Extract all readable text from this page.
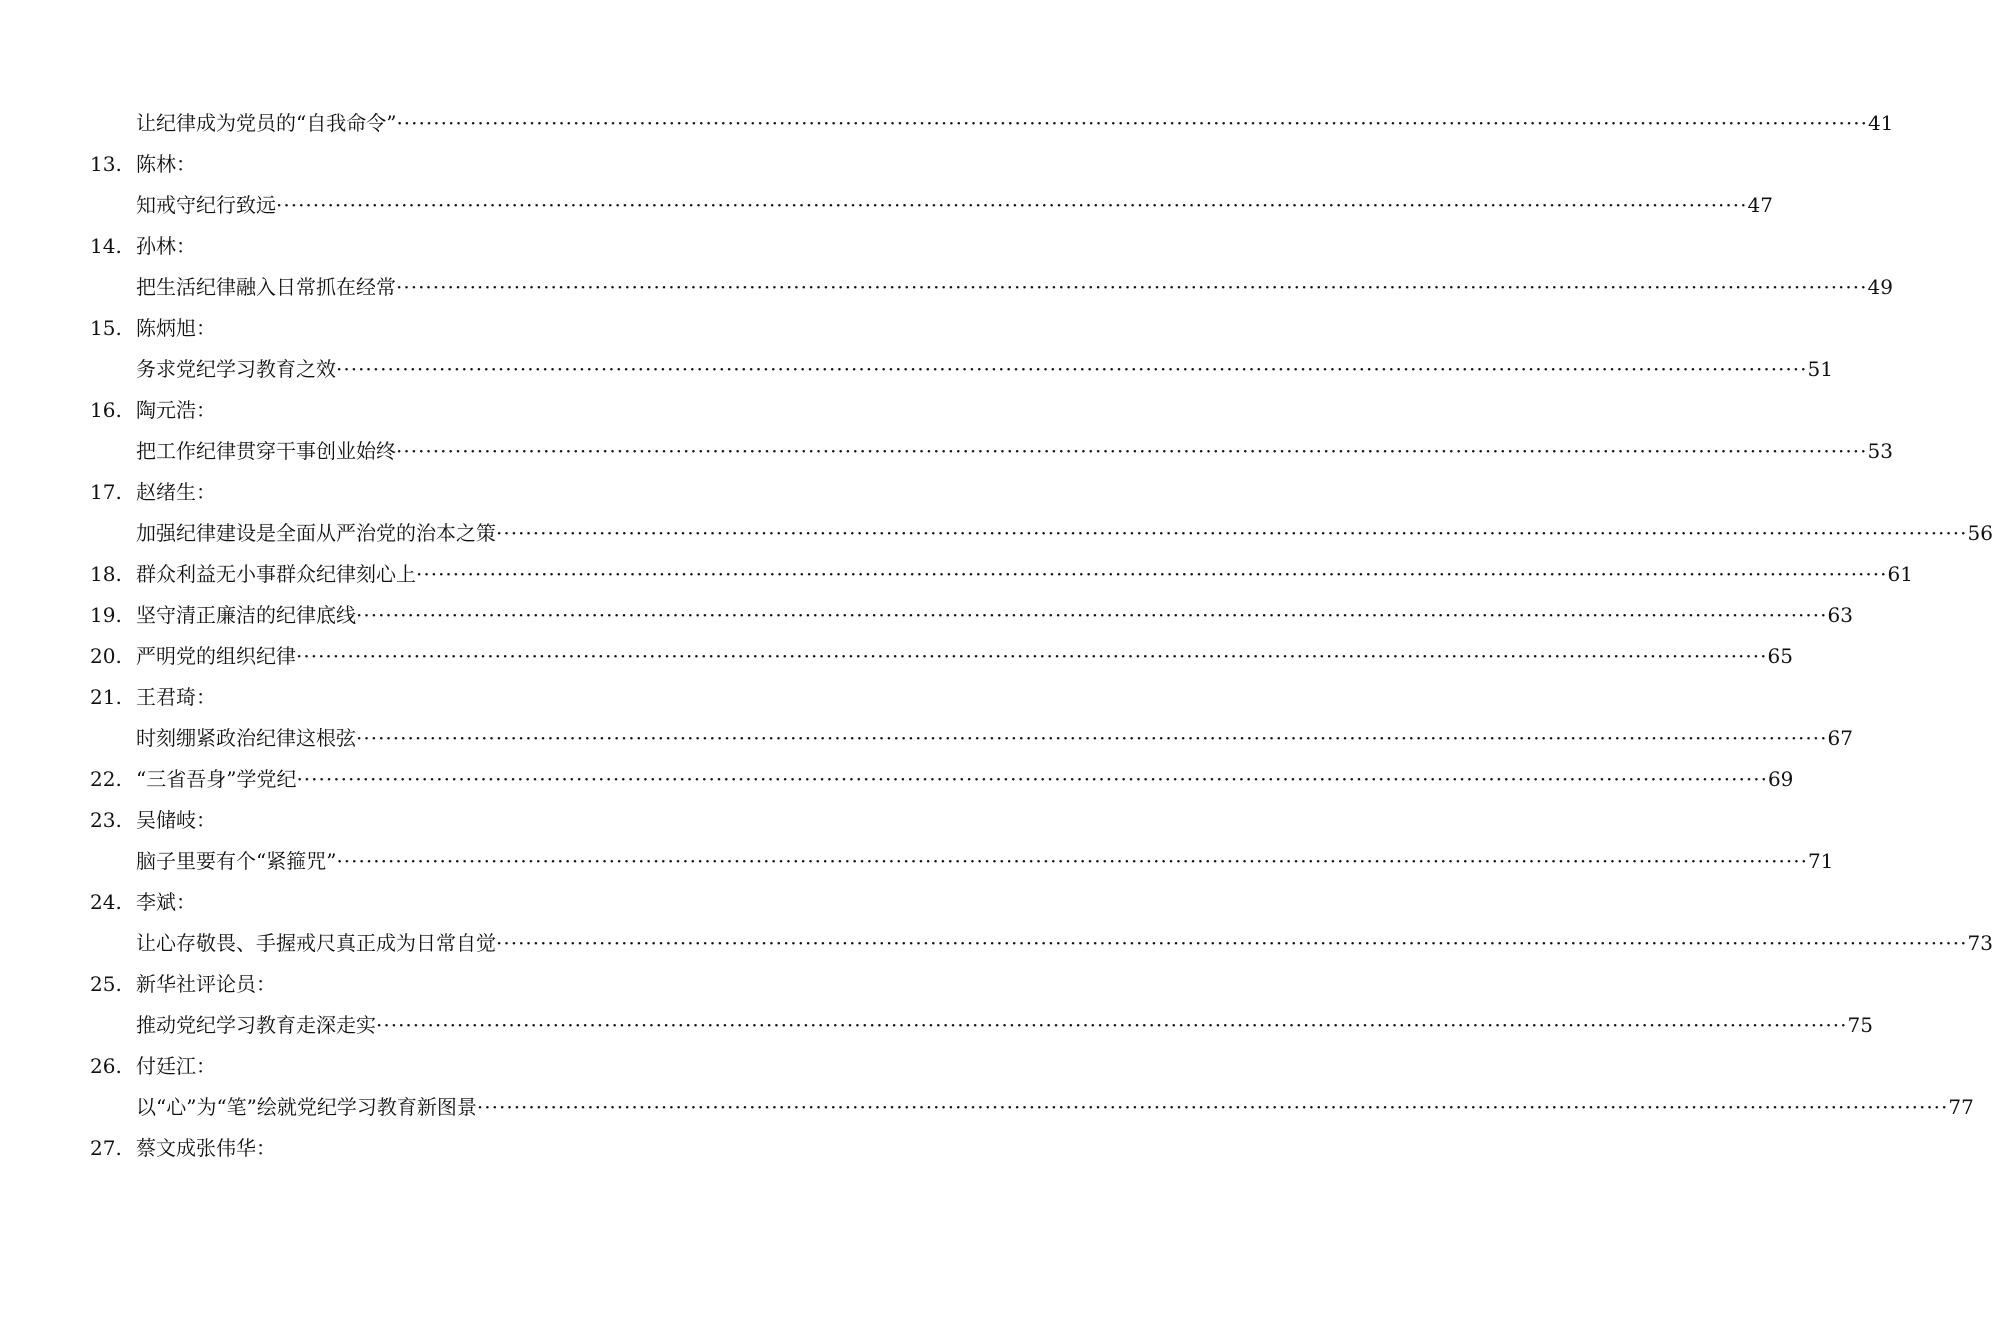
让纪律成为党员的“自我命令” ········································································································································································································ 41
13. 陈林：
知戒守纪行致远 ········································································································································································································ 47
14. 孙林：
把生活纪律融入日常抓在经常 ········································································································································································································ 49
15. 陈炳旭：
务求党纪学习教育之效 ········································································································································································································ 51
16. 陶元浩：
把工作纪律贯穿干事创业始终 ········································································································································································································ 53
17. 赵绪生：
加强纪律建设是全面从严治党的治本之策 ········································································································································································································ 56
18. 群众利益无小事群众纪律刻心上 ········································································································································································································ 61
19. 坚守清正廉洁的纪律底线 ········································································································································································································ 63
20. 严明党的组织纪律 ········································································································································································································ 65
21. 王君琦：
时刻绷紧政治纪律这根弦 ········································································································································································································ 67
22. “三省吾身”学党纪 ········································································································································································································ 69
23. 吴储岐：
脑子里要有个“紧箍咒” ········································································································································································································ 71
24. 李斌：
让心存敬畏、手握戒尺真正成为日常自觉 ········································································································································································································ 73
25. 新华社评论员：
推动党纪学习教育走深走实 ········································································································································································································ 75
26. 付廷江：
以“心”为“笔”绘就党纪学习教育新图景 ········································································································································································································ 77
27. 蔡文成张伟华：
